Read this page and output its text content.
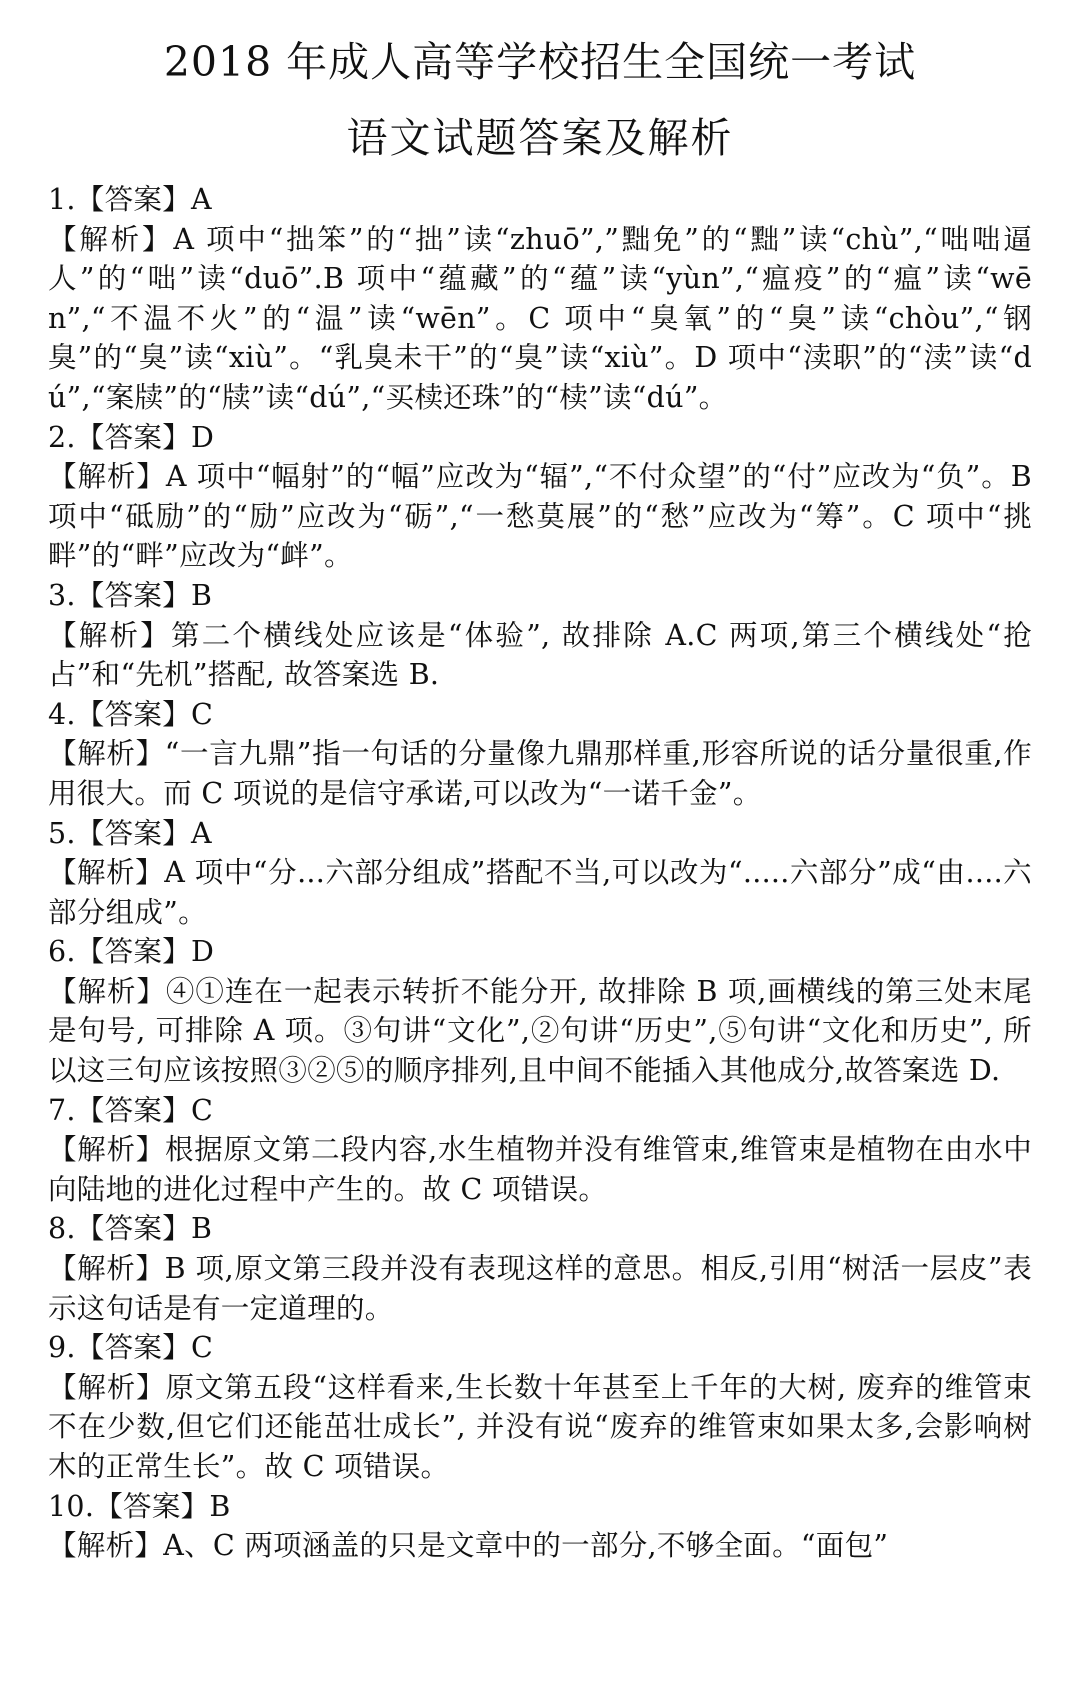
2018 年成人高等学校招生全国统一考试
语文试题答案及解析

1.【答案】A

【解析】A 项中“拙笨”的“拙”读“zhuō”,”黜免”的“黜”读“chù”,“咄咄逼人”的“咄”读“duō”.B 项中“蕴藏”的“蕴”读“yùn”,“瘟疫”的“瘟”读“wēn”,“不温不火”的“温”读“wēn”。C 项中“臭氧”的“臭”读“chòu”,“钢臭”的“臭”读“xiù”。“乳臭未干”的“臭”读“xiù”。D 项中“渎职”的“渎”读“dú”,“案牍”的“牍”读“dú”,“买椟还珠”的“椟”读“dú”。

2.【答案】D

【解析】A 项中“幅射”的“幅”应改为“辐”,“不付众望”的“付”应改为“负”。B 项中“砥励”的“励”应改为“砺”,“一愁莫展”的“愁”应改为“筹”。C 项中“挑畔”的“畔”应改为“衅”。

3.【答案】B

【解析】第二个横线处应该是“体验”, 故排除 A.C 两项,第三个横线处“抢占”和“先机”搭配, 故答案选 B.

4.【答案】C

【解析】“一言九鼎”指一句话的分量像九鼎那样重,形容所说的话分量很重,作用很大。而 C 项说的是信守承诺,可以改为“一诺千金”。

5.【答案】A

【解析】A 项中“分...六部分组成”搭配不当,可以改为“.....六部分”成“由....六部分组成”。

6.【答案】D

【解析】④①连在一起表示转折不能分开, 故排除 B 项,画横线的第三处末尾是句号, 可排除 A 项。③句讲“文化”,②句讲“历史”,⑤句讲“文化和历史”, 所以这三句应该按照③②⑤的顺序排列,且中间不能插入其他成分,故答案选 D.

7.【答案】C

【解析】根据原文第二段内容,水生植物并没有维管束,维管束是植物在由水中向陆地的进化过程中产生的。故 C 项错误。

8.【答案】B

【解析】B 项,原文第三段并没有表现这样的意思。相反,引用“树活一层皮”表示这句话是有一定道理的。

9.【答案】C

【解析】原文第五段“这样看来,生长数十年甚至上千年的大树, 废弃的维管束不在少数,但它们还能茁壮成长”, 并没有说“废弃的维管束如果太多,会影响树木的正常生长”。故 C 项错误。

10.【答案】B

【解析】A、C 两项涵盖的只是文章中的一部分,不够全面。“面包”
